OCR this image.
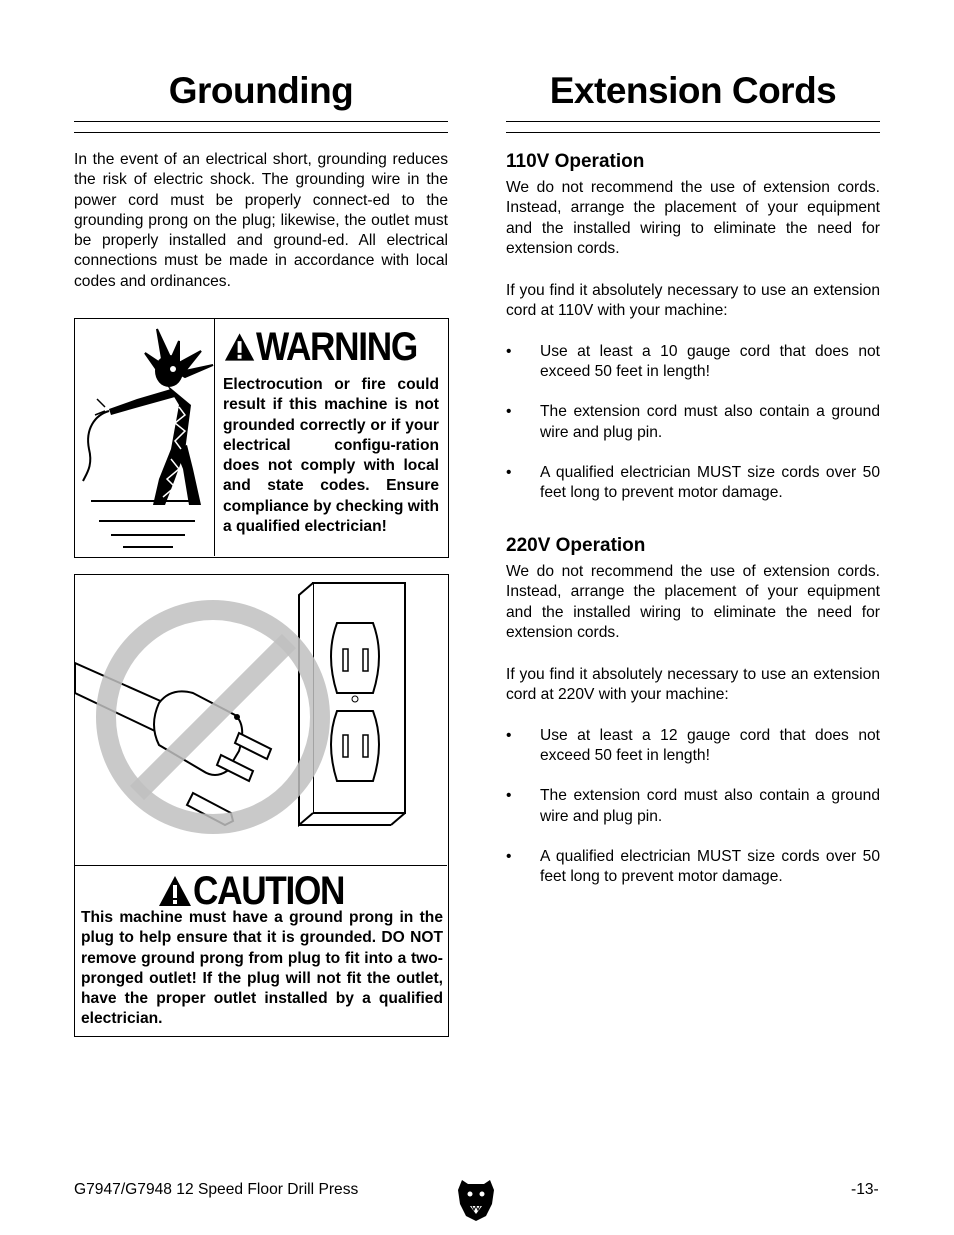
Grounding

In the event of an electrical short, grounding reduces the risk of electric shock. The grounding wire in the power cord must be properly connect-ed to the grounding prong on the plug; likewise, the outlet must be properly installed and ground-ed. All electrical connections must be made in accordance with local codes and ordinances.

WARNING
Electrocution or fire could result if this machine is not grounded correctly or if your electrical configu-ration does not comply with local and state codes. Ensure compliance by checking with a qualified electrician!
CAUTION
This machine must have a ground prong in the plug to help ensure that it is grounded. DO NOT remove ground prong from plug to fit into a two-pronged outlet! If the plug will not fit the outlet, have the proper outlet installed by a qualified electrician.
Extension Cords
110V Operation

We do not recommend the use of extension cords. Instead, arrange the placement of your equipment and the installed wiring to eliminate the need for extension cords.

If you find it absolutely necessary to use an extension cord at 110V with your machine:

• Use at least a 10 gauge cord that does not exceed 50 feet in length!
• The extension cord must also contain a ground wire and plug pin.
• A qualified electrician MUST size cords over 50 feet long to prevent motor damage.
220V Operation

We do not recommend the use of extension cords. Instead, arrange the placement of your equipment and the installed wiring to eliminate the need for extension cords.

If you find it absolutely necessary to use an extension cord at 220V with your machine:

• Use at least a 12 gauge cord that does not exceed 50 feet in length!
• The extension cord must also contain a ground wire and plug pin.
• A qualified electrician MUST size cords over 50 feet long to prevent motor damage.
G7947/G7948 12 Speed Floor Drill Press	-13-
